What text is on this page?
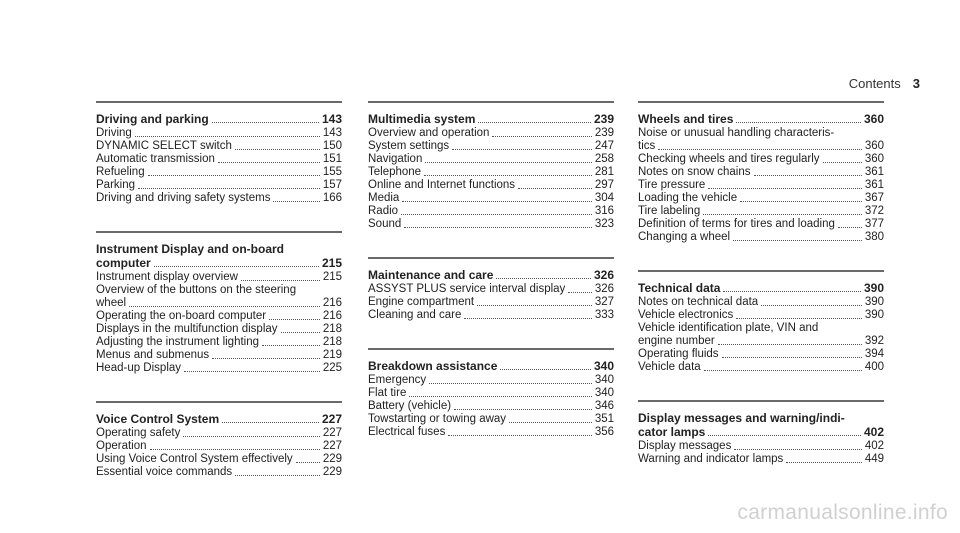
Contents 3
Driving and parking	143
Driving	143
DYNAMIC SELECT switch	150
Automatic transmission	151
Refueling	155
Parking	157
Driving and driving safety systems	166
Instrument Display and on-board
computer	215
Instrument display overview	215
Overview of the buttons on the steering
wheel	216
Operating the on-board computer	216
Displays in the multifunction display	218
Adjusting the instrument lighting	218
Menus and submenus	219
Head-up Display	225
Voice Control System	227
Operating safety	227
Operation	227
Using Voice Control System effectively	229
Essential voice commands	229
Multimedia system	239
Overview and operation	239
System settings	247
Navigation	258
Telephone	281
Online and Internet functions	297
Media	304
Radio	316
Sound	323
Maintenance and care	326
ASSYST PLUS service interval display	326
Engine compartment	327
Cleaning and care	333
Breakdown assistance	340
Emergency	340
Flat tire	340
Battery (vehicle)	346
Towstarting or towing away	351
Electrical fuses	356
Wheels and tires	360
Noise or unusual handling characteris-
tics	360
Checking wheels and tires regularly	360
Notes on snow chains	361
Tire pressure	361
Loading the vehicle	367
Tire labeling	372
Definition of terms for tires and loading	377
Changing a wheel	380
Technical data	390
Notes on technical data	390
Vehicle electronics	390
Vehicle identification plate, VIN and
engine number	392
Operating fluids	394
Vehicle data	400
Display messages and warning/indi-
cator lamps	402
Display messages	402
Warning and indicator lamps	449
carmanualsonline.info
